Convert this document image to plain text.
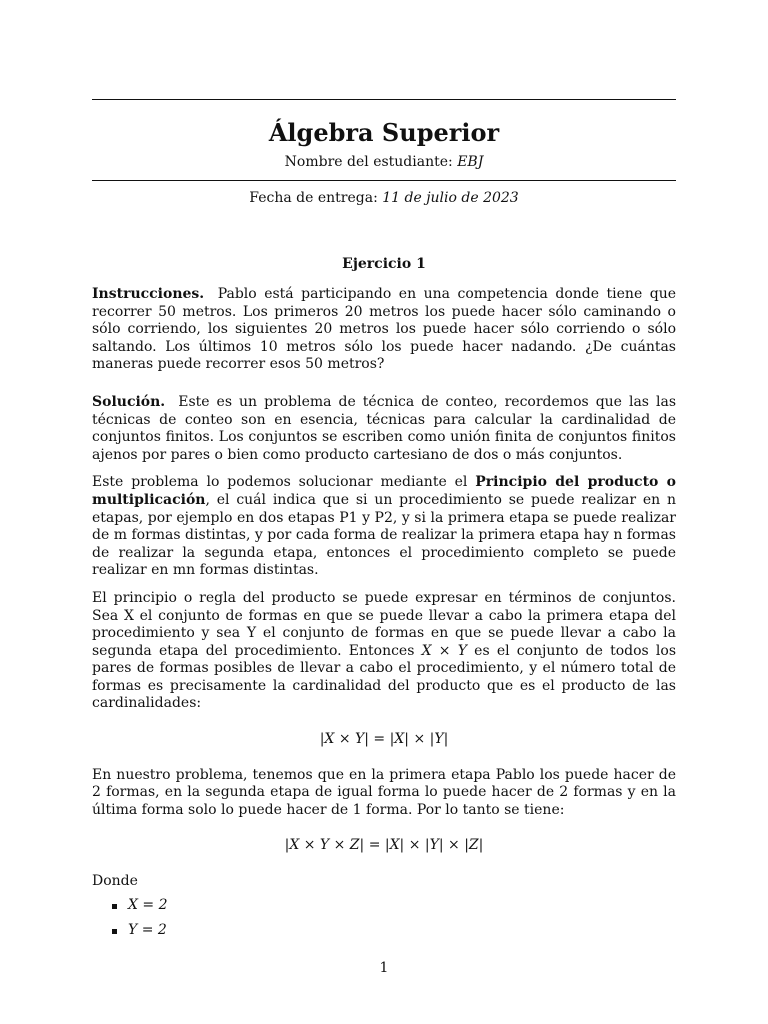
Álgebra Superior

Nombre del estudiante: EBJ

Fecha de entrega: 11 de julio de 2023

Ejercicio 1

Instrucciones. Pablo está participando en una competencia donde tiene que recorrer 50 metros. Los primeros 20 metros los puede hacer sólo caminando o sólo corriendo, los siguientes 20 metros los puede hacer sólo corriendo o sólo saltando. Los últimos 10 metros sólo los puede hacer nadando. ¿De cuántas maneras puede recorrer esos 50 metros?

Solución. Este es un problema de técnica de conteo, recordemos que las las técnicas de conteo son en esencia, técnicas para calcular la cardinalidad de conjuntos finitos. Los conjuntos se escriben como unión finita de conjuntos finitos ajenos por pares o bien como producto cartesiano de dos o más conjuntos.

Este problema lo podemos solucionar mediante el Principio del producto o multiplicación, el cuál indica que si un procedimiento se puede realizar en n etapas, por ejemplo en dos etapas P1 y P2, y si la primera etapa se puede realizar de m formas distintas, y por cada forma de realizar la primera etapa hay n formas de realizar la segunda etapa, entonces el procedimiento completo se puede realizar en mn formas distintas.

El principio o regla del producto se puede expresar en términos de conjuntos. Sea X el conjunto de formas en que se puede llevar a cabo la primera etapa del procedimiento y sea Y el conjunto de formas en que se puede llevar a cabo la segunda etapa del procedimiento. Entonces X × Y es el conjunto de todos los pares de formas posibles de llevar a cabo el procedimiento, y el número total de formas es precisamente la cardinalidad del producto que es el producto de las cardinalidades:

|X × Y| = |X| × |Y|

En nuestro problema, tenemos que en la primera etapa Pablo los puede hacer de 2 formas, en la segunda etapa de igual forma lo puede hacer de 2 formas y en la última forma solo lo puede hacer de 1 forma. Por lo tanto se tiene:

|X × Y × Z| = |X| × |Y| × |Z|

Donde

X = 2
Y = 2
1
